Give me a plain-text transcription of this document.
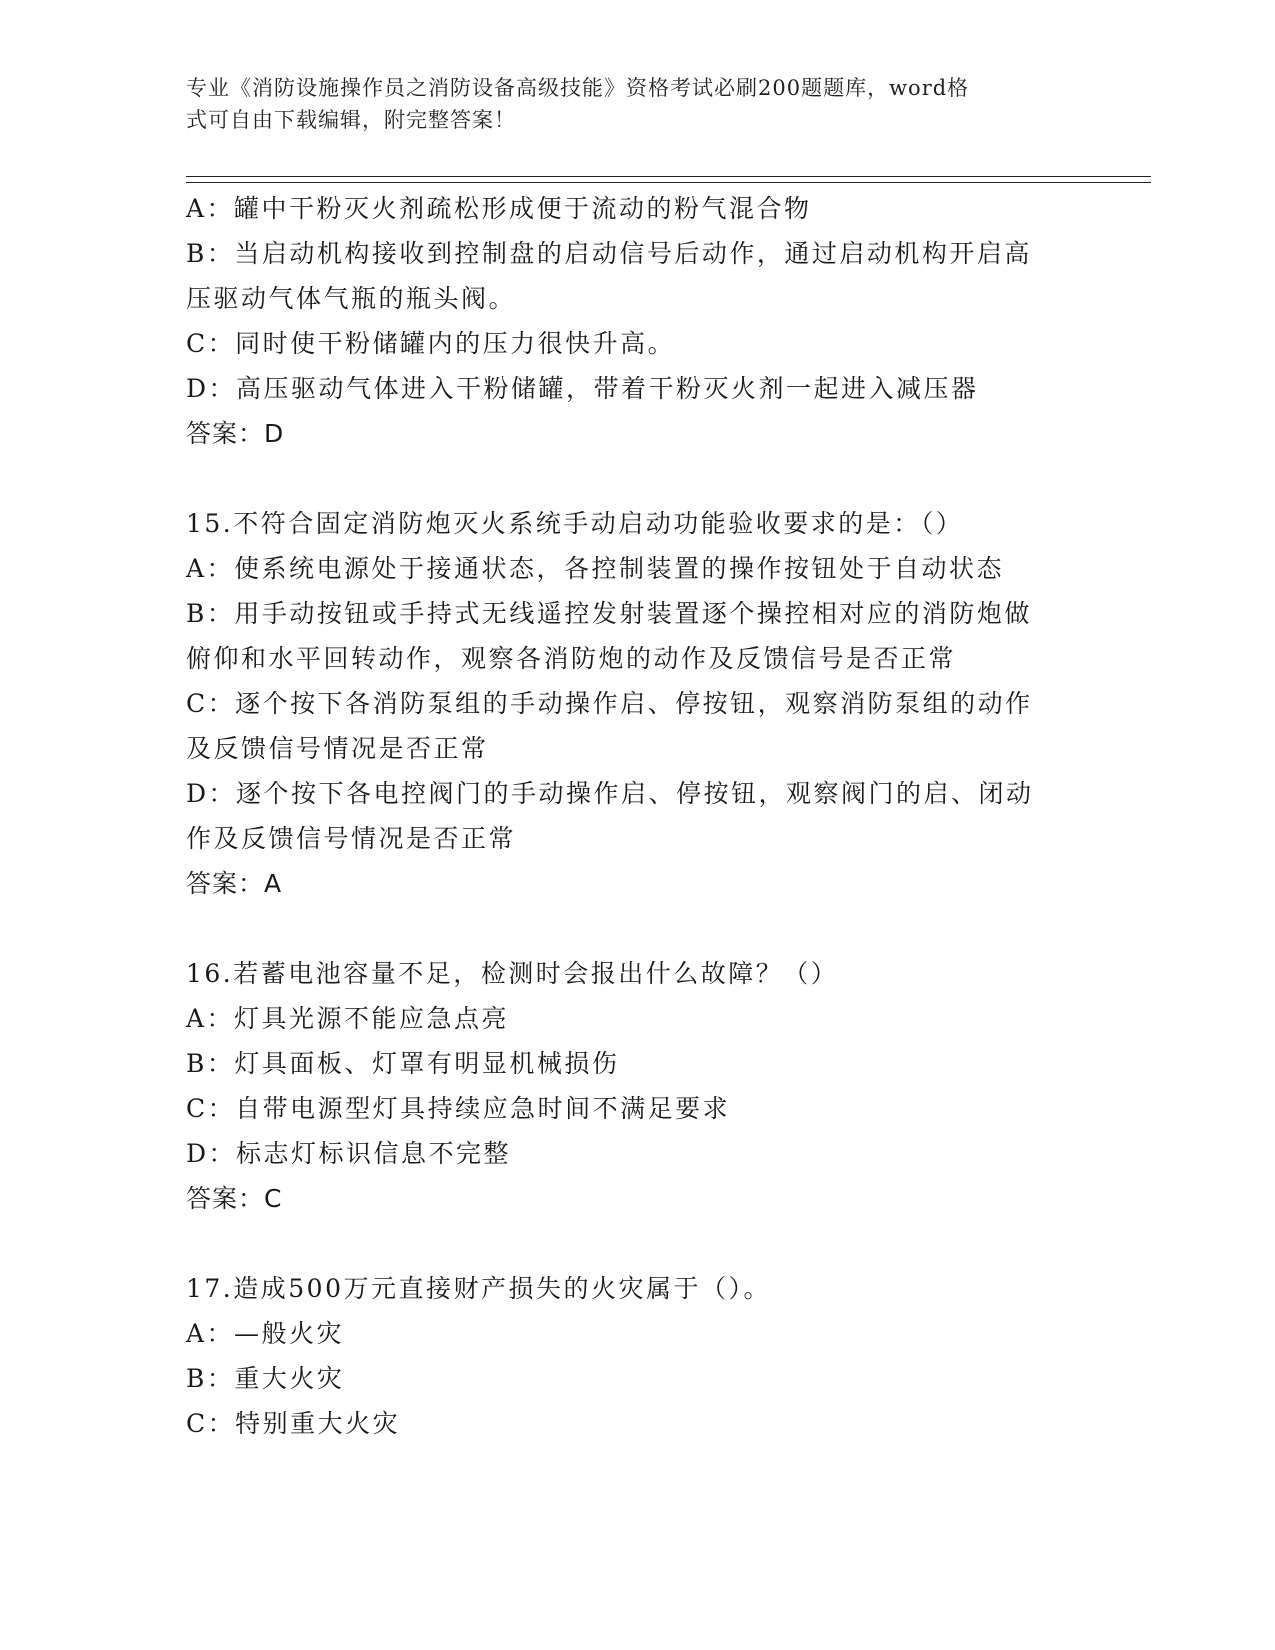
专业《消防设施操作员之消防设备高级技能》资格考试必刷200题题库，word格
式可自由下载编辑，附完整答案！
A：罐中干粉灭火剂疏松形成便于流动的粉气混合物
B：当启动机构接收到控制盘的启动信号后动作，通过启动机构开启高
压驱动气体气瓶的瓶头阀。
C：同时使干粉储罐内的压力很快升高。
D：高压驱动气体进入干粉储罐，带着干粉灭火剂一起进入减压器
答案：D
15.不符合固定消防炮灭火系统手动启动功能验收要求的是：（）
A：使系统电源处于接通状态，各控制装置的操作按钮处于自动状态
B：用手动按钮或手持式无线遥控发射装置逐个操控相对应的消防炮做
俯仰和水平回转动作，观察各消防炮的动作及反馈信号是否正常
C：逐个按下各消防泵组的手动操作启、停按钮，观察消防泵组的动作
及反馈信号情况是否正常
D：逐个按下各电控阀门的手动操作启、停按钮，观察阀门的启、闭动
作及反馈信号情况是否正常
答案：A
16.若蓄电池容量不足，检测时会报出什么故障？（）
A：灯具光源不能应急点亮
B：灯具面板、灯罩有明显机械损伤
C：自带电源型灯具持续应急时间不满足要求
D：标志灯标识信息不完整
答案：C
17.造成500万元直接财产损失的火灾属于（）。
A：—般火灾
B：重大火灾
C：特别重大火灾
